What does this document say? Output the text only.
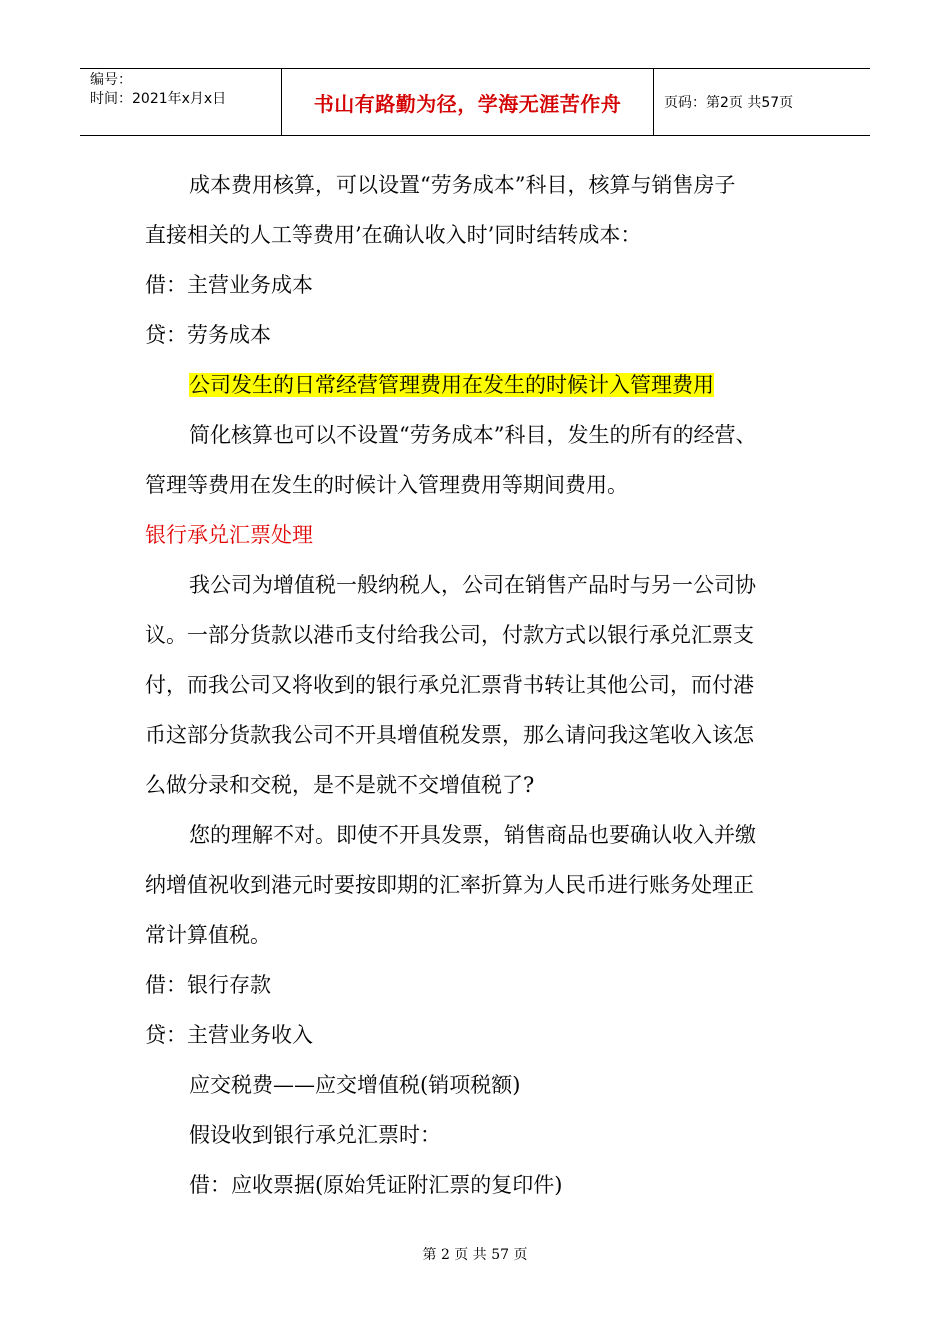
编号：
时间：2021年x月x日	书山有路勤为径，学海无涯苦作舟	页码：第2页 共57页
成本费用核算，可以设置“劳务成本”科目，核算与销售房子
直接相关的人工等费用’在确认收入时’同时结转成本：
借：主营业务成本
贷：劳务成本
公司发生的日常经营管理费用在发生的时候计入管理费用
简化核算也可以不设置“劳务成本”科目，发生的所有的经营、
管理等费用在发生的时候计入管理费用等期间费用。
银行承兑汇票处理
我公司为增值税一般纳税人，公司在销售产品时与另一公司协
议。一部分货款以港币支付给我公司，付款方式以银行承兑汇票支
付，而我公司又将收到的银行承兑汇票背书转让其他公司，而付港
币这部分货款我公司不开具增值税发票，那么请问我这笔收入该怎
么做分录和交税，是不是就不交增值税了?
您的理解不对。即使不开具发票，销售商品也要确认收入并缴
纳增值祝收到港元时要按即期的汇率折算为人民币进行账务处理正
常计算值税。
借：银行存款
贷：主营业务收入
应交税费——应交增值税(销项税额)
假设收到银行承兑汇票时：
借：应收票据(原始凭证附汇票的复印件)
第 2 页 共 57 页
